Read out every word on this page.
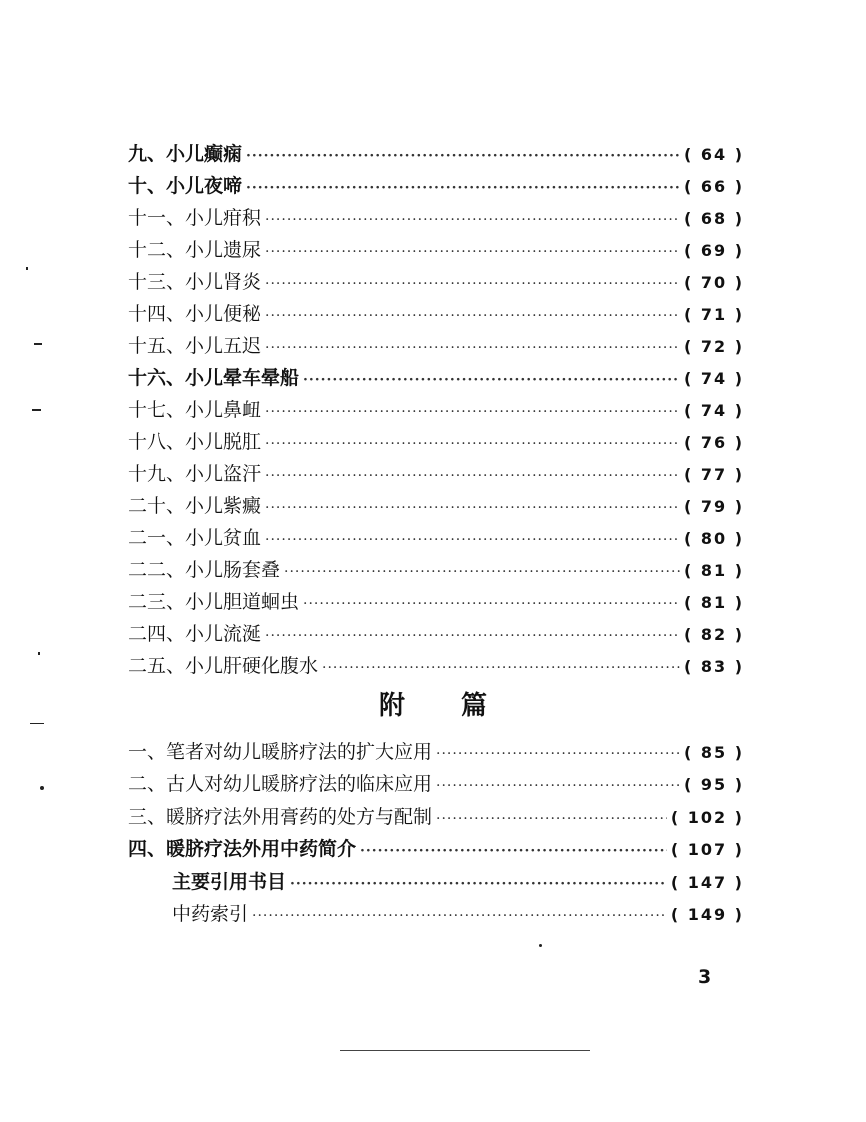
九、 小儿癫痫 ·····	( 64 )
十、 小儿夜啼 ·····	( 66 )
十一、 小儿疳积 ·····	( 68 )
十二、 小儿遗尿 ·····	( 69 )
十三、 小儿肾炎 ·····	( 70 )
十四、 小儿便秘 ·····	( 71 )
十五、 小儿五迟 ·····	( 72 )
十六、 小儿晕车晕船 ·····	( 74 )
十七、 小儿鼻衄 ·····	( 74 )
十八、 小儿脱肛 ·····	( 76 )
十九、 小儿盗汗 ·····	( 77 )
二十、 小儿紫癜 ·····	( 79 )
二一、 小儿贫血 ·····	( 80 )
二二、 小儿肠套叠 ·····	( 81 )
二三、 小儿胆道蛔虫 ·····	( 81 )
二四、 小儿流涎 ·····	( 82 )
二五、 小儿肝硬化腹水 ·····	( 83 )
附篇
一、 笔者对幼儿暖脐疗法的扩大应用 ·····	( 85 )
二、 古人对幼儿暖脐疗法的临床应用 ·····	( 95 )
三、 暖脐疗法外用膏药的处方与配制 ·····	( 102 )
四、 暖脐疗法外用中药简介 ·····	( 107 )
主要引用书目 ·····	( 147 )
中药索引 ·····	( 149 )
3
